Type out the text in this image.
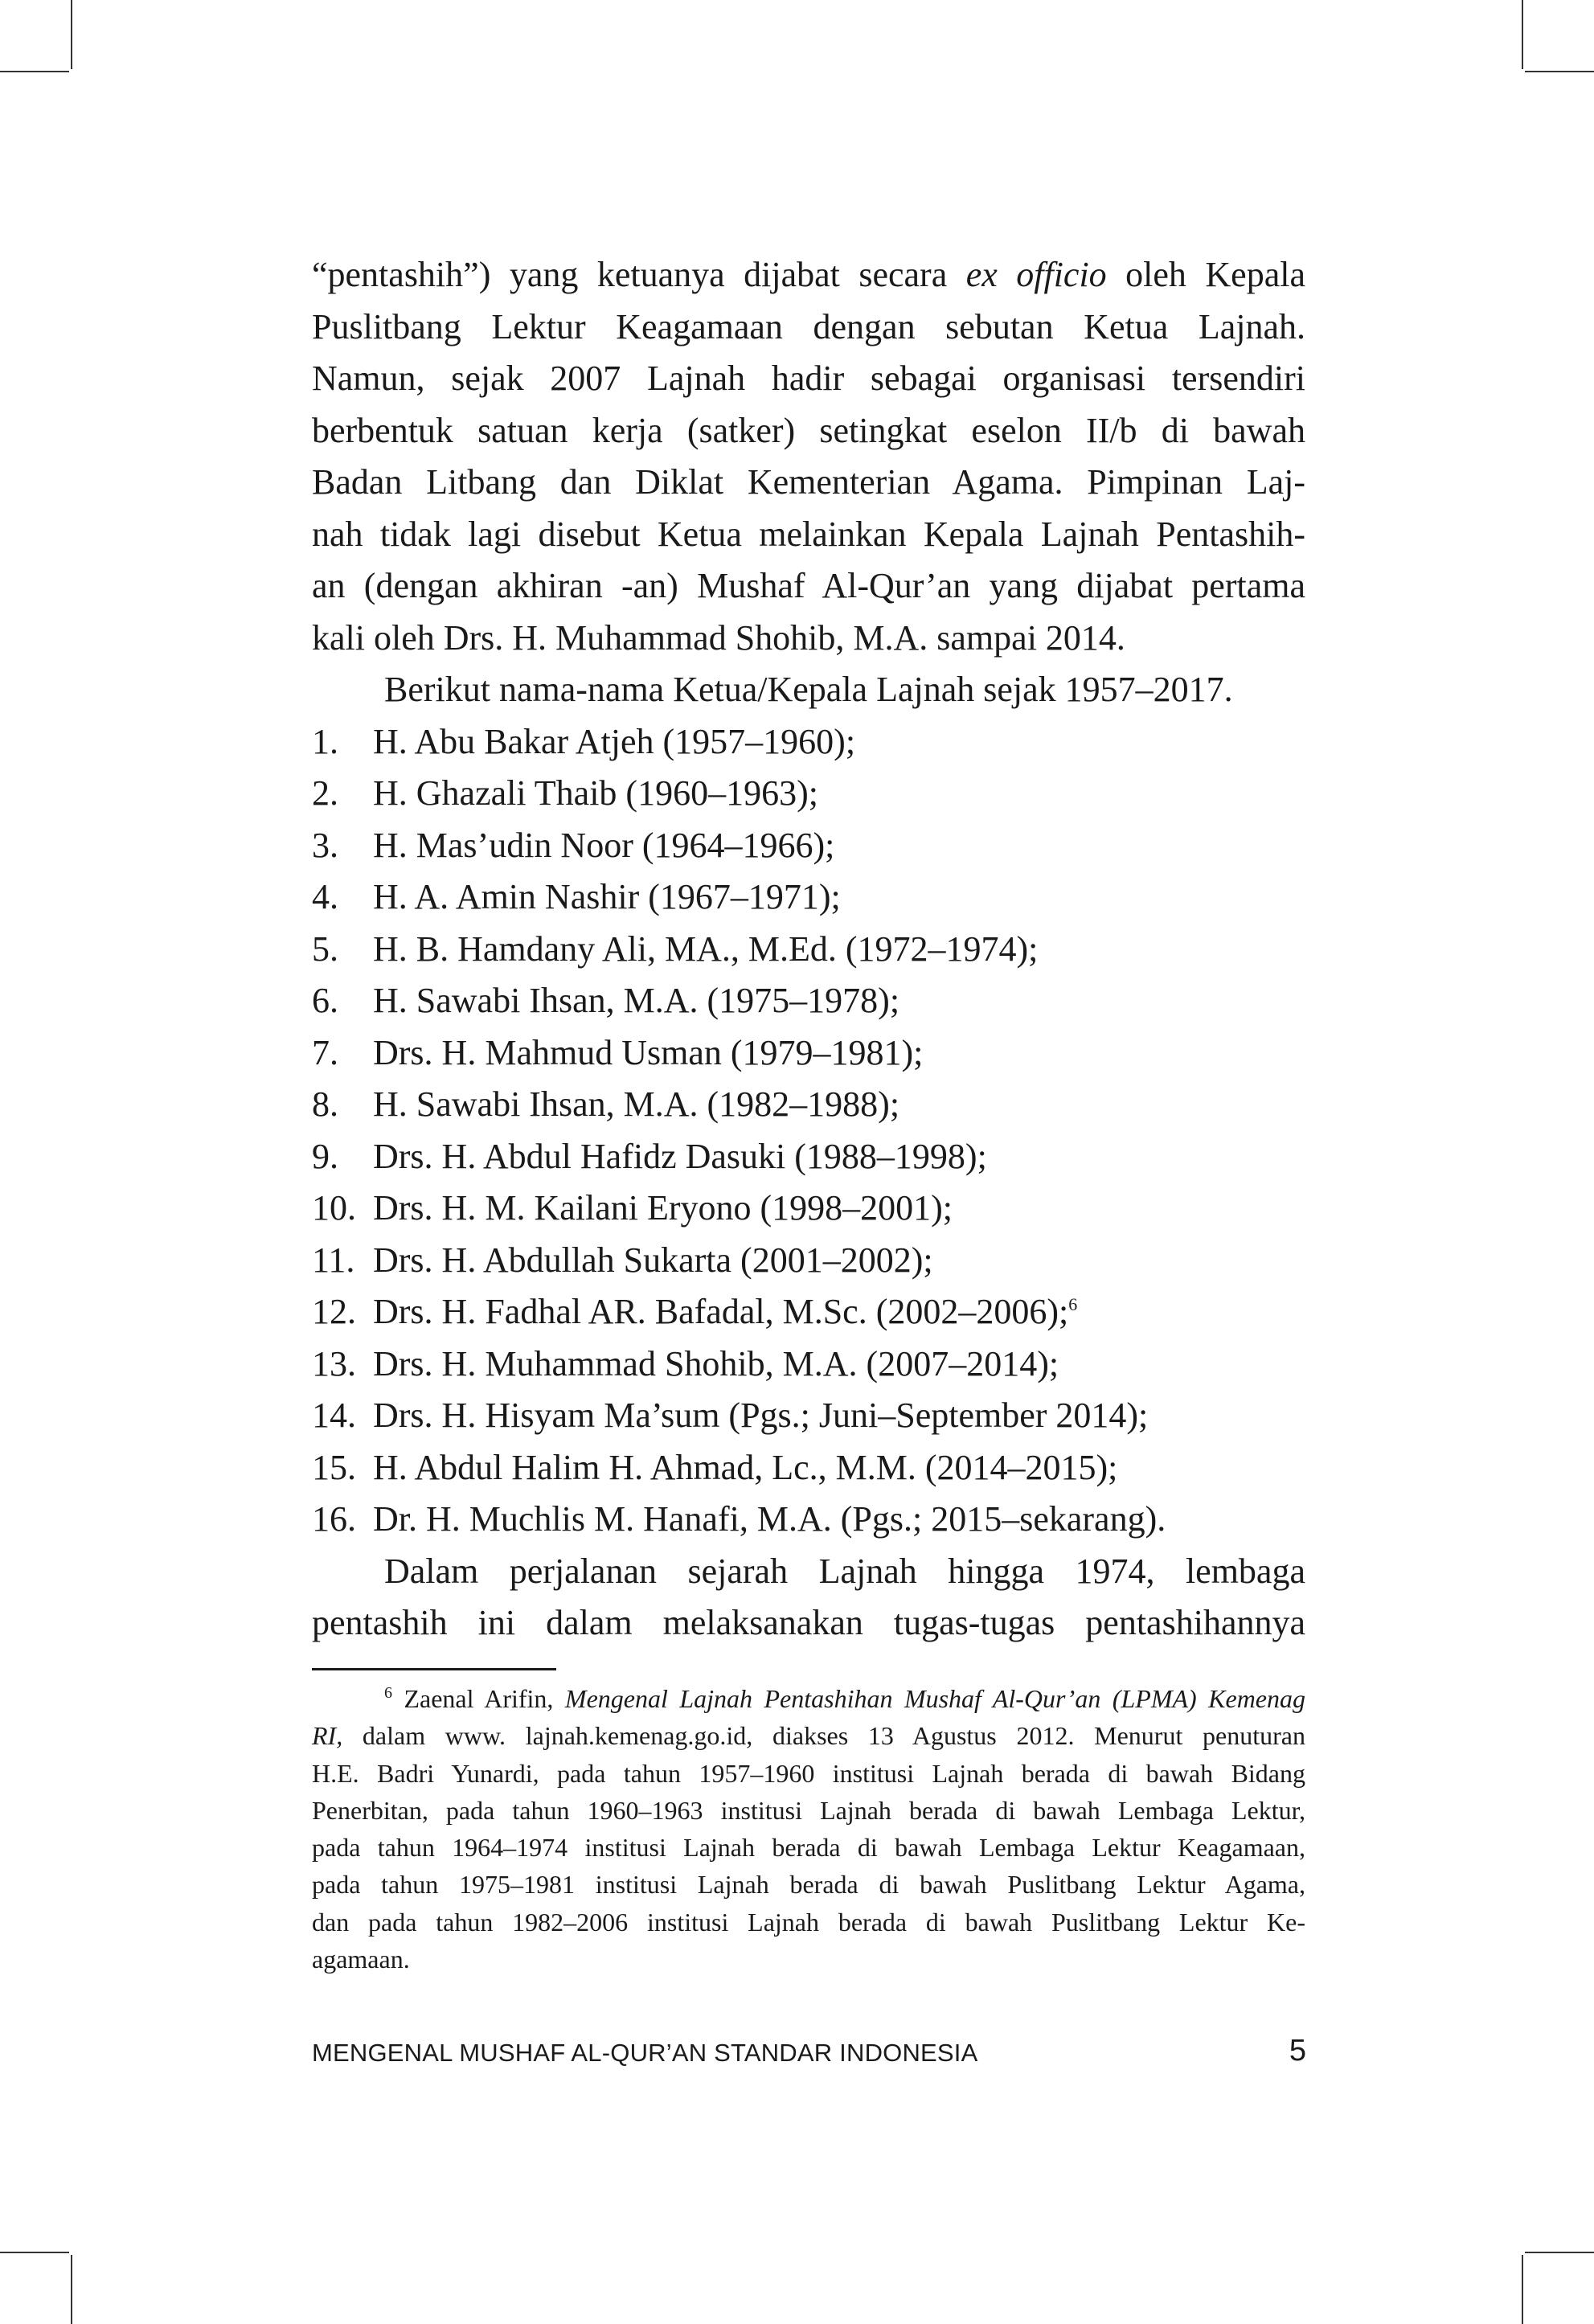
“pentashih”) yang ketuanya dijabat secara ex officio oleh Kepala
Puslitbang Lektur Keagamaan dengan sebutan Ketua Lajnah.
Namun, sejak 2007 Lajnah hadir sebagai organisasi tersendiri
berbentuk satuan kerja (satker) setingkat eselon II/b di bawah
Badan Litbang dan Diklat Kementerian Agama. Pimpinan Laj-
nah tidak lagi disebut Ketua melainkan Kepala Lajnah Pentashih-
an (dengan akhiran -an) Mushaf Al-Qur’an yang dijabat pertama
kali oleh Drs. H. Muhammad Shohib, M.A. sampai 2014.
Berikut nama-nama Ketua/Kepala Lajnah sejak 1957–2017.
1. H. Abu Bakar Atjeh (1957–1960);
2. H. Ghazali Thaib (1960–1963);
3. H. Mas’udin Noor (1964–1966);
4. H. A. Amin Nashir (1967–1971);
5. H. B. Hamdany Ali, MA., M.Ed. (1972–1974);
6. H. Sawabi Ihsan, M.A. (1975–1978);
7. Drs. H. Mahmud Usman (1979–1981);
8. H. Sawabi Ihsan, M.A. (1982–1988);
9. Drs. H. Abdul Hafidz Dasuki (1988–1998);
10. Drs. H. M. Kailani Eryono (1998–2001);
11. Drs. H. Abdullah Sukarta (2001–2002);
12. Drs. H. Fadhal AR. Bafadal, M.Sc. (2002–2006);$^6$
13. Drs. H. Muhammad Shohib, M.A. (2007–2014);
14. Drs. H. Hisyam Ma’sum (Pgs.; Juni–September 2014);
15. H. Abdul Halim H. Ahmad, Lc., M.M. (2014–2015);
16. Dr. H. Muchlis M. Hanafi, M.A. (Pgs.; 2015–sekarang).
Dalam perjalanan sejarah Lajnah hingga 1974, lembaga
pentashih ini dalam melaksanakan tugas-tugas pentashihannya
$^6$ Zaenal Arifin, Mengenal Lajnah Pentashihan Mushaf Al-Qur’an (LPMA) Kemenag
RI, dalam www. lajnah.kemenag.go.id, diakses 13 Agustus 2012. Menurut penuturan
H.E. Badri Yunardi, pada tahun 1957–1960 institusi Lajnah berada di bawah Bidang
Penerbitan, pada tahun 1960–1963 institusi Lajnah berada di bawah Lembaga Lektur,
pada tahun 1964–1974 institusi Lajnah berada di bawah Lembaga Lektur Keagamaan,
pada tahun 1975–1981 institusi Lajnah berada di bawah Puslitbang Lektur Agama,
dan pada tahun 1982–2006 institusi Lajnah berada di bawah Puslitbang Lektur Ke-
agamaan.
MENGENAL MUSHAF AL-QUR’AN STANDAR INDONESIA	5
